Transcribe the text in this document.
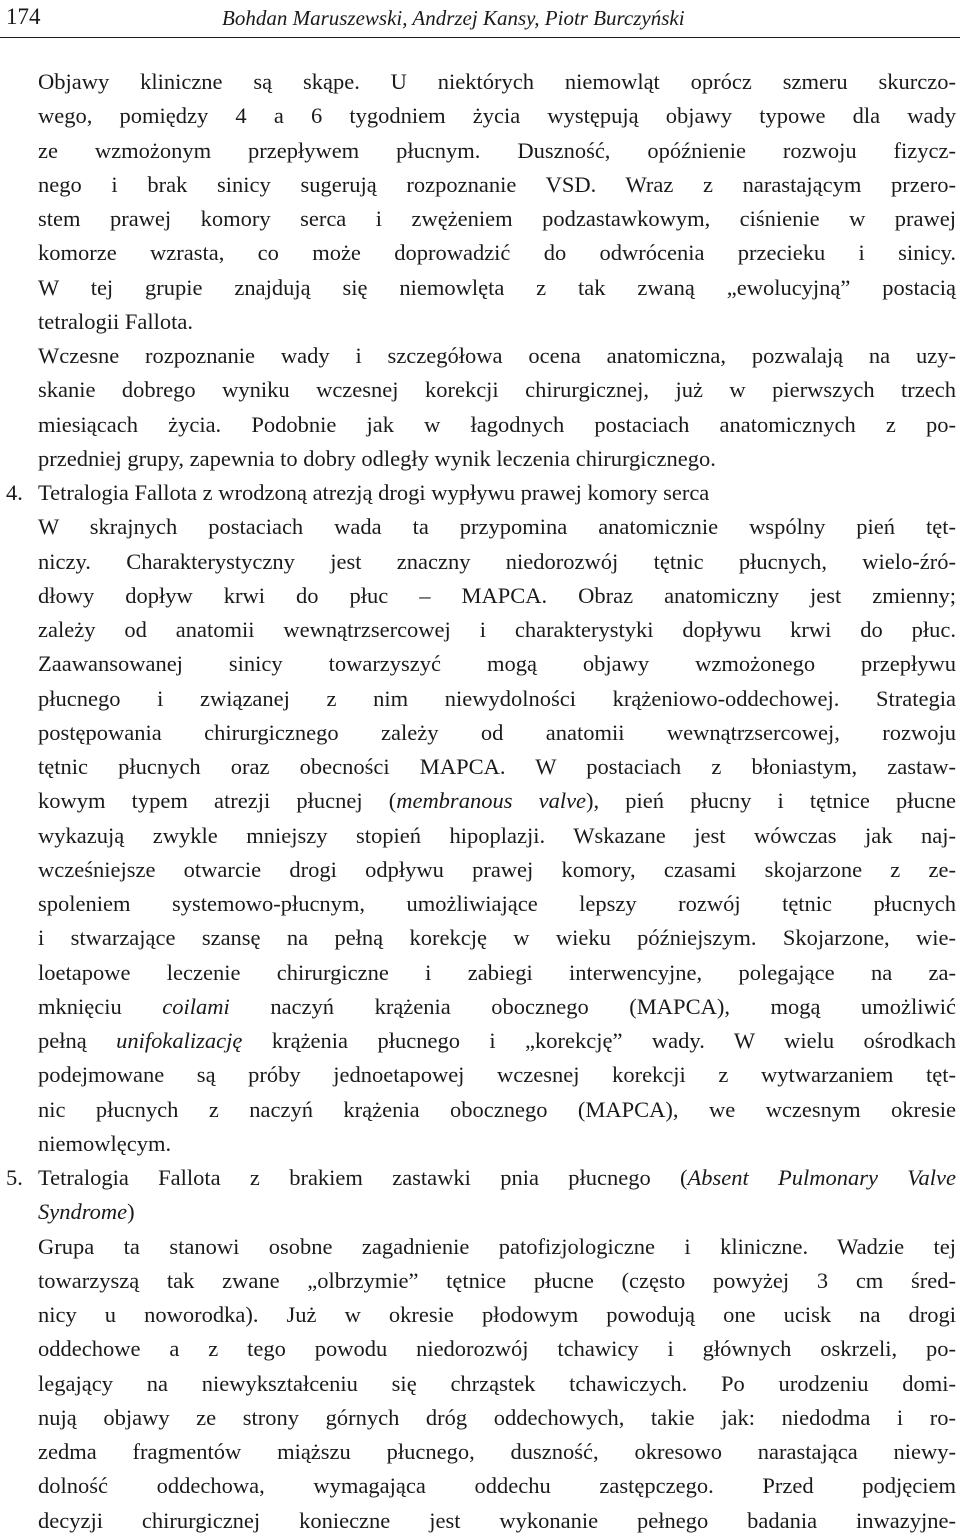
174	Bohdan Maruszewski, Andrzej Kansy, Piotr Burczyński
Objawy kliniczne są skąpe. U niektórych niemowląt oprócz szmeru skurczo-
wego, pomiędzy 4 a 6 tygodniem życia występują objawy typowe dla wady
ze wzmożonym przepływem płucnym. Duszność, opóźnienie rozwoju fizycz-
nego i brak sinicy sugerują rozpoznanie VSD. Wraz z narastającym przero-
stem prawej komory serca i zwężeniem podzastawkowym, ciśnienie w prawej
komorze wzrasta, co może doprowadzić do odwrócenia przecieku i sinicy.
W tej grupie znajdują się niemowlęta z tak zwaną „ewolucyjną” postacią
tetralogii Fallota.
Wczesne rozpoznanie wady i szczegółowa ocena anatomiczna, pozwalają na uzy-
skanie dobrego wyniku wczesnej korekcji chirurgicznej, już w pierwszych trzech
miesiącach życia. Podobnie jak w łagodnych postaciach anatomicznych z po-
przedniej grupy, zapewnia to dobry odległy wynik leczenia chirurgicznego.
4. Tetralogia Fallota z wrodzoną atrezją drogi wypływu prawej komory serca
W skrajnych postaciach wada ta przypomina anatomicznie wspólny pień tęt-
niczy. Charakterystyczny jest znaczny niedorozwój tętnic płucnych, wielo-źró-
dłowy dopływ krwi do płuc – MAPCA. Obraz anatomiczny jest zmienny;
zależy od anatomii wewnątrzsercowej i charakterystyki dopływu krwi do płuc.
Zaawansowanej sinicy towarzyszyć mogą objawy wzmożonego przepływu
płucnego i związanej z nim niewydolności krążeniowo-oddechowej. Strategia
postępowania chirurgicznego zależy od anatomii wewnątrzsercowej, rozwoju
tętnic płucnych oraz obecności MAPCA. W postaciach z błoniastym, zastaw-
kowym typem atrezji płucnej (membranous valve), pień płucny i tętnice płucne
wykazują zwykle mniejszy stopień hipoplazji. Wskazane jest wówczas jak naj-
wcześniejsze otwarcie drogi odpływu prawej komory, czasami skojarzone z ze-
spoleniem systemowo-płucnym, umożliwiające lepszy rozwój tętnic płucnych
i stwarzające szansę na pełną korekcję w wieku późniejszym. Skojarzone, wie-
loetapowe leczenie chirurgiczne i zabiegi interwencyjne, polegające na za-
mknięciu coilami naczyń krążenia obocznego (MAPCA), mogą umożliwić
pełną unifokalizację krążenia płucnego i „korekcję” wady. W wielu ośrodkach
podejmowane są próby jednoetapowej wczesnej korekcji z wytwarzaniem tęt-
nic płucnych z naczyń krążenia obocznego (MAPCA), we wczesnym okresie
niemowlęcym.
5. Tetralogia Fallota z brakiem zastawki pnia płucnego (Absent Pulmonary Valve
Syndrome)
Grupa ta stanowi osobne zagadnienie patofizjologiczne i kliniczne. Wadzie tej
towarzyszą tak zwane „olbrzymie” tętnice płucne (często powyżej 3 cm śred-
nicy u noworodka). Już w okresie płodowym powodują one ucisk na drogi
oddechowe a z tego powodu niedorozwój tchawicy i głównych oskrzeli, po-
legający na niewykształceniu się chrząstek tchawiczych. Po urodzeniu domi-
nują objawy ze strony górnych dróg oddechowych, takie jak: niedodma i ro-
zedma fragmentów miąższu płucnego, duszność, okresowo narastająca niewy-
dolność oddechowa, wymagająca oddechu zastępczego. Przed podjęciem
decyzji chirurgicznej konieczne jest wykonanie pełnego badania inwazyjne-
